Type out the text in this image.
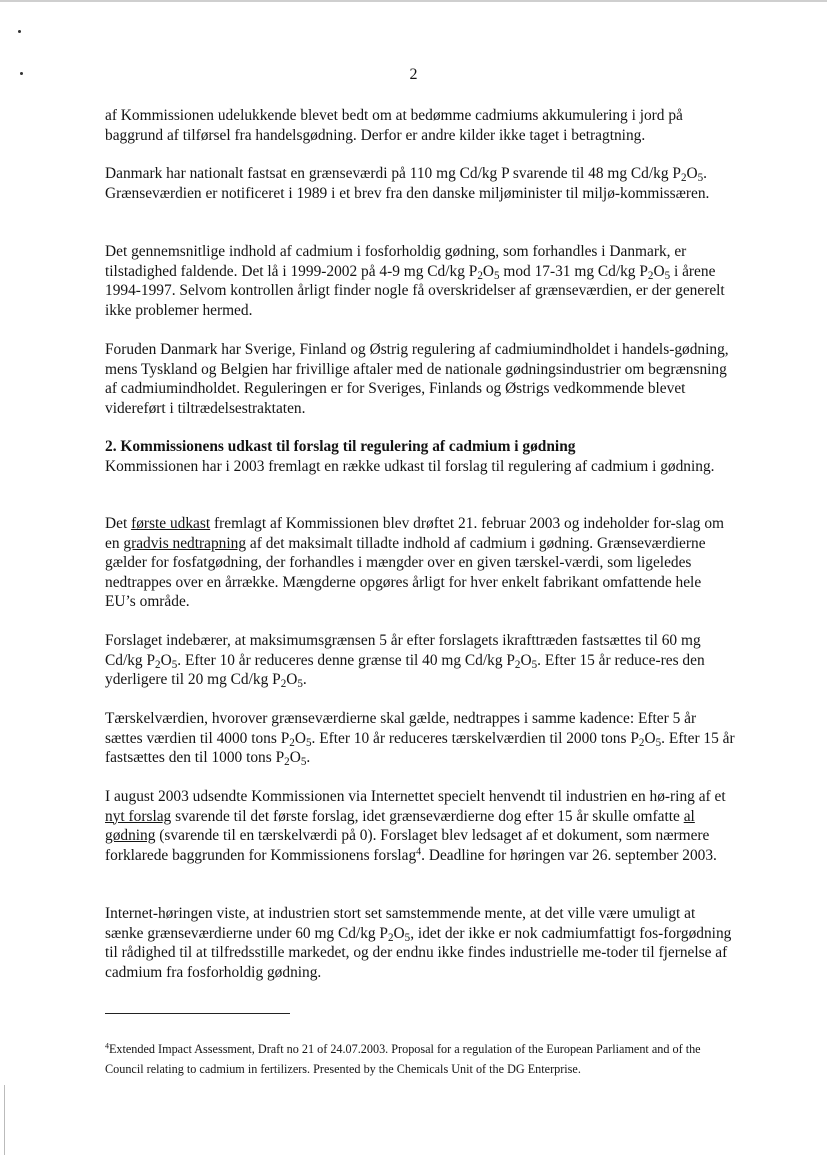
2

af Kommissionen udelukkende blevet bedt om at bedømme cadmiums akkumulering i jord på baggrund af tilførsel fra handelsgødning. Derfor er andre kilder ikke taget i betragtning.

Danmark har nationalt fastsat en grænseværdi på 110 mg Cd/kg P svarende til 48 mg Cd/kg $P_2O_5$. Grænseværdien er notificeret i 1989 i et brev fra den danske miljøminister til miljø-kommissæren.

Det gennemsnitlige indhold af cadmium i fosforholdig gødning, som forhandles i Danmark, er tilstadighed faldende. Det lå i 1999-2002 på 4-9 mg Cd/kg $P_2O_5$ mod 17-31 mg Cd/kg $P_2O_5$ i årene 1994-1997. Selvom kontrollen årligt finder nogle få overskridelser af grænseværdien, er der generelt ikke problemer hermed.

Foruden Danmark har Sverige, Finland og Østrig regulering af cadmiumindholdet i handels-gødning, mens Tyskland og Belgien har frivillige aftaler med de nationale gødningsindustrier om begrænsning af cadmiumindholdet. Reguleringen er for Sveriges, Finlands og Østrigs vedkommende blevet videreført i tiltrædelsestraktaten.

2. Kommissionens udkast til forslag til regulering af cadmium i gødning
Kommissionen har i 2003 fremlagt en række udkast til forslag til regulering af cadmium i gødning.

Det første udkast fremlagt af Kommissionen blev drøftet 21. februar 2003 og indeholder for-slag om en gradvis nedtrapning af det maksimalt tilladte indhold af cadmium i gødning. Grænseværdierne gælder for fosfatgødning, der forhandles i mængder over en given tærskel-værdi, som ligeledes nedtrappes over en årrække. Mængderne opgøres årligt for hver enkelt fabrikant omfattende hele EU’s område.

Forslaget indebærer, at maksimumsgrænsen 5 år efter forslagets ikrafttræden fastsættes til 60 mg Cd/kg $P_2O_5$. Efter 10 år reduceres denne grænse til 40 mg Cd/kg $P_2O_5$. Efter 15 år reduce-res den yderligere til 20 mg Cd/kg $P_2O_5$.

Tærskelværdien, hvorover grænseværdierne skal gælde, nedtrappes i samme kadence: Efter 5 år sættes værdien til 4000 tons $P_2O_5$. Efter 10 år reduceres tærskelværdien til 2000 tons $P_2O_5$. Efter 15 år fastsættes den til 1000 tons $P_2O_5$.

I august 2003 udsendte Kommissionen via Internettet specielt henvendt til industrien en hø-ring af et nyt forslag svarende til det første forslag, idet grænseværdierne dog efter 15 år skulle omfatte al gødning (svarende til en tærskelværdi på 0). Forslaget blev ledsaget af et dokument, som nærmere forklarede baggrunden for Kommissionens forslag$^4$. Deadline for høringen var 26. september 2003.

Internet-høringen viste, at industrien stort set samstemmende mente, at det ville være umuligt at sænke grænseværdierne under 60 mg Cd/kg $P_2O_5$, idet der ikke er nok cadmiumfattigt fos-forgødning til rådighed til at tilfredsstille markedet, og der endnu ikke findes industrielle me-toder til fjernelse af cadmium fra fosforholdig gødning.

$^4$Extended Impact Assessment, Draft no 21 of 24.07.2003. Proposal for a regulation of the European Parliament and of the Council relating to cadmium in fertilizers. Presented by the Chemicals Unit of the DG Enterprise.
